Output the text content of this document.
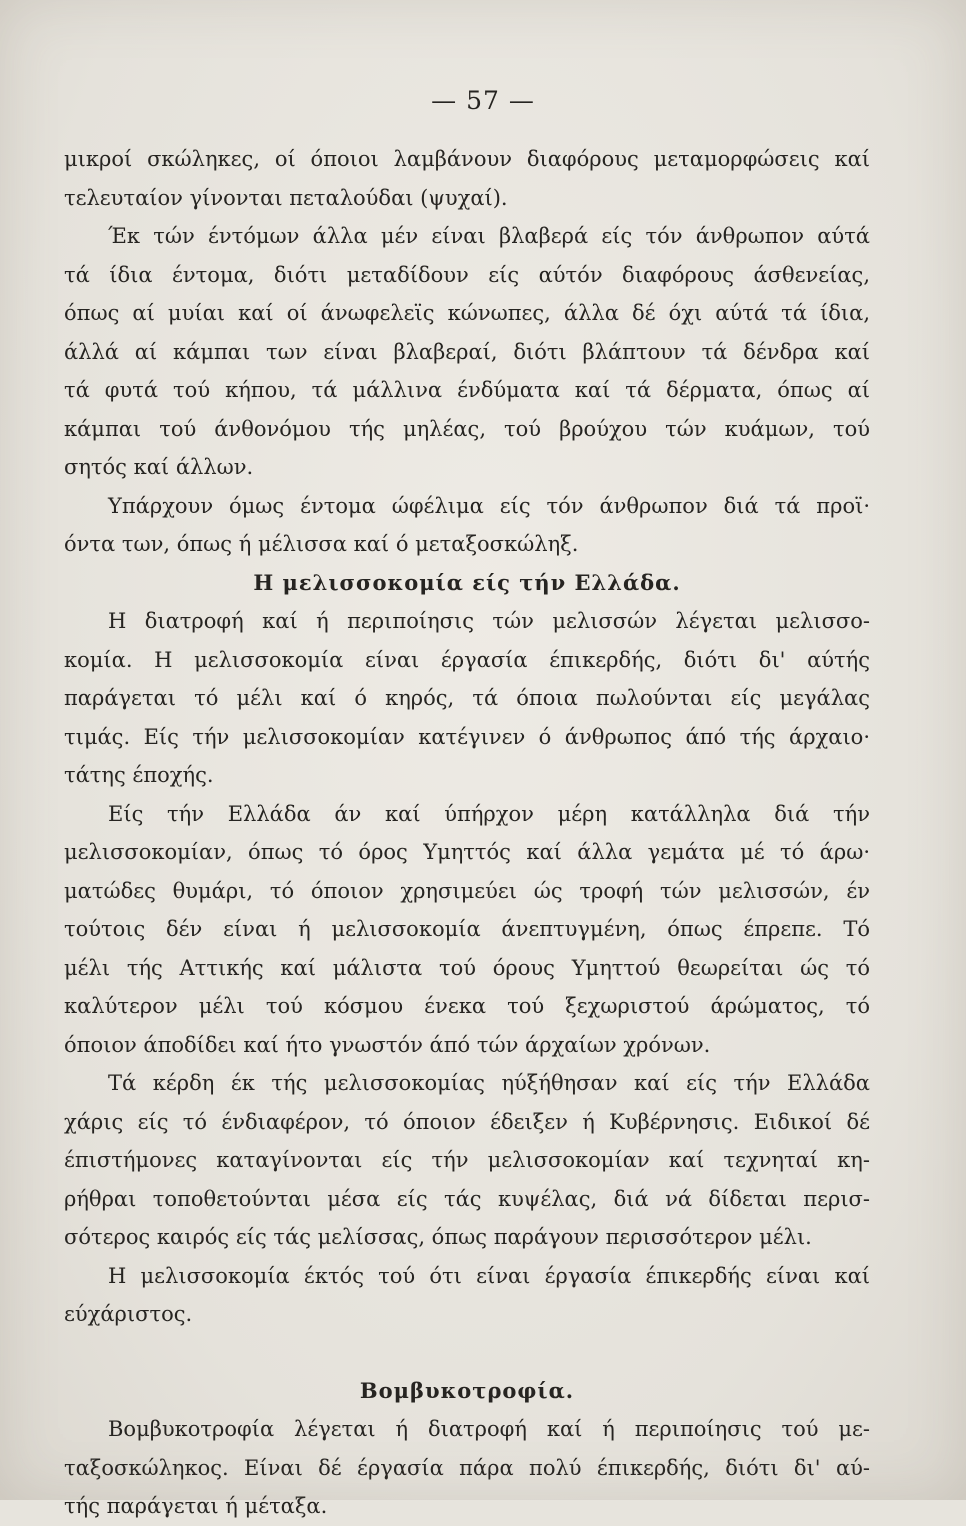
— 57 —

μικροί σκώληκες, οί όποιοι λαμβάνουν διαφόρους μεταμορφώσεις καί
τελευταίον γίνονται πεταλούδαι (ψυχαί).

Έκ τών έντόμων άλλα μέν είναι βλαβερά είς τόν άνθρωπον αύτά
τά ίδια έντομα, διότι μεταδίδουν είς αύτόν διαφόρους άσθενείας,
όπως αί μυίαι καί οί άνωφελεϊς κώνωπες, άλλα δέ όχι αύτά τά ίδια,
άλλά αί κάμπαι των είναι βλαβεραί, διότι βλάπτουν τά δένδρα καί
τά φυτά τού κήπου, τά μάλλινα ένδύματα καί τά δέρματα, όπως αί
κάμπαι τού άνθονόμου τής μηλέας, τού βρούχου τών κυάμων, τού
σητός καί άλλων.

Υπάρχουν όμως έντομα ώφέλιμα είς τόν άνθρωπον διά τά προϊ·
όντα των, όπως ή μέλισσα καί ό μεταξοσκώληξ.

Η μελισσοκομία είς τήν Ελλάδα.

Η διατροφή καί ή περιποίησις τών μελισσών λέγεται μελισσο-
κομία. Η μελισσοκομία είναι έργασία έπικερδής, διότι δι' αύτής
παράγεται τό μέλι καί ό κηρός, τά όποια πωλούνται είς μεγάλας
τιμάς. Είς τήν μελισσοκομίαν κατέγινεν ό άνθρωπος άπό τής άρχαιο·
τάτης έποχής.

Είς τήν Ελλάδα άν καί ύπήρχον μέρη κατάλληλα διά τήν
μελισσοκομίαν, όπως τό όρος Υμηττός καί άλλα γεμάτα μέ τό άρω·
ματώδες θυμάρι, τό όποιον χρησιμεύει ώς τροφή τών μελισσών, έν
τούτοις δέν είναι ή μελισσοκομία άνεπτυγμένη, όπως έπρεπε. Τό
μέλι τής Αττικής καί μάλιστα τού όρους Υμηττού θεωρείται ώς τό
καλύτερον μέλι τού κόσμου ένεκα τού ξεχωριστού άρώματος, τό
όποιον άποδίδει καί ήτο γνωστόν άπό τών άρχαίων χρόνων.

Τά κέρδη έκ τής μελισσοκομίας ηύξήθησαν καί είς τήν Ελλάδα
χάρις είς τό ένδιαφέρον, τό όποιον έδειξεν ή Κυβέρνησις. Ειδικοί δέ
έπιστήμονες καταγίνονται είς τήν μελισσοκομίαν καί τεχνηταί κη-
ρήθραι τοποθετούνται μέσα είς τάς κυψέλας, διά νά δίδεται περισ-
σότερος καιρός είς τάς μελίσσας, όπως παράγουν περισσότερον μέλι.

Η μελισσοκομία έκτός τού ότι είναι έργασία έπικερδής είναι καί
εύχάριστος.

Βομβυκοτροφία.

Βομβυκοτροφία λέγεται ή διατροφή καί ή περιποίησις τού με-
ταξοσκώληκος. Είναι δέ έργασία πάρα πολύ έπικερδής, διότι δι' αύ-
τής παράγεται ή μέταξα.
